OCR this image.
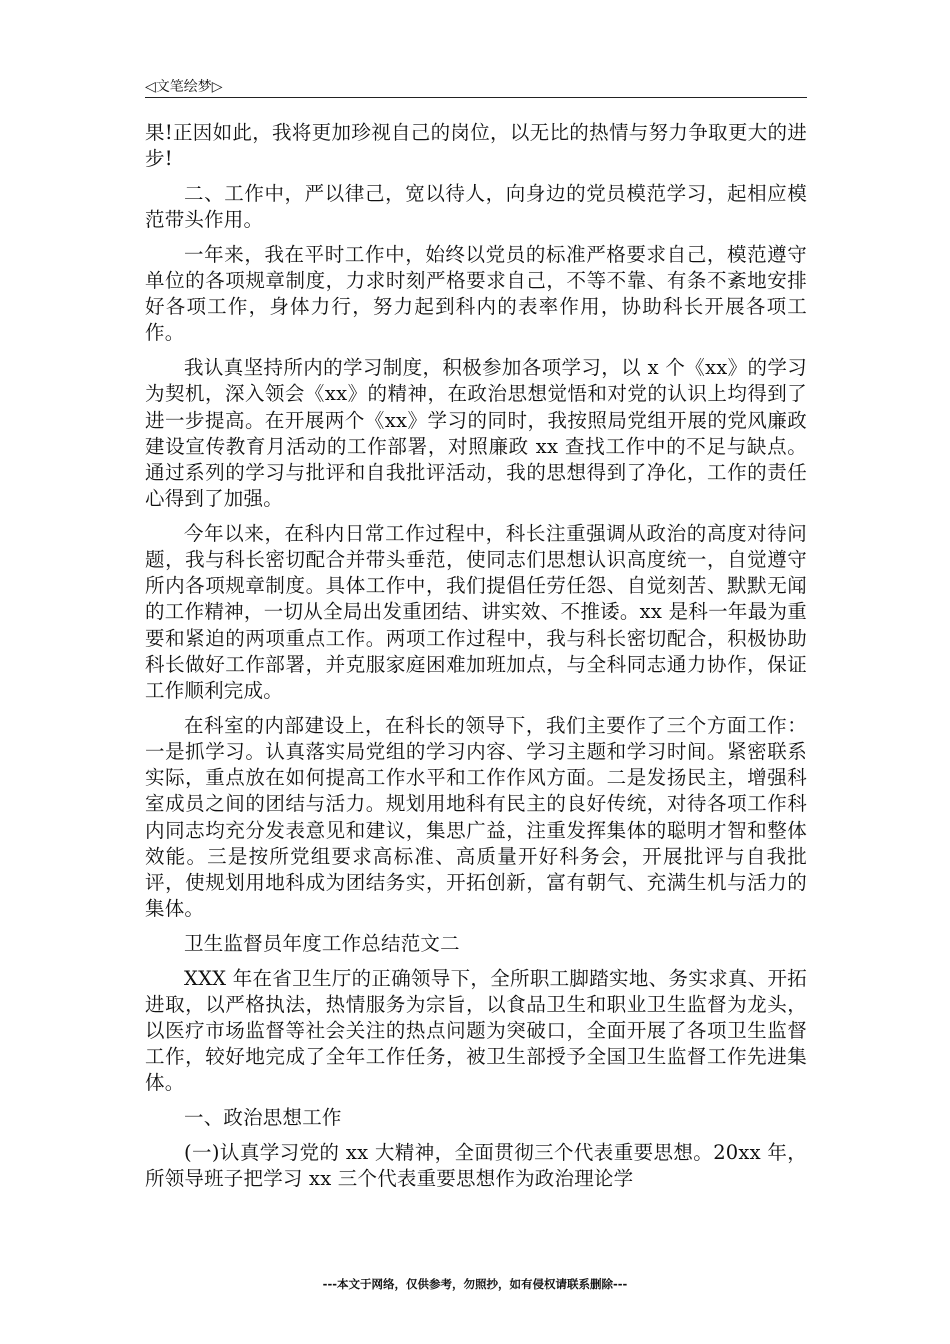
◁文笔绘梦▷

果!正因如此，我将更加珍视自己的岗位，以无比的热情与努力争取更大的进步!

二、工作中，严以律己，宽以待人，向身边的党员模范学习，起相应模范带头作用。

一年来，我在平时工作中，始终以党员的标准严格要求自己，模范遵守单位的各项规章制度，力求时刻严格要求自己，不等不靠、有条不紊地安排好各项工作，身体力行，努力起到科内的表率作用，协助科长开展各项工作。

我认真坚持所内的学习制度，积极参加各项学习，以 x 个《xx》的学习为契机，深入领会《xx》的精神，在政治思想觉悟和对党的认识上均得到了进一步提高。在开展两个《xx》学习的同时，我按照局党组开展的党风廉政建设宣传教育月活动的工作部署，对照廉政 xx 查找工作中的不足与缺点。通过系列的学习与批评和自我批评活动，我的思想得到了净化，工作的责任心得到了加强。

今年以来，在科内日常工作过程中，科长注重强调从政治的高度对待问题，我与科长密切配合并带头垂范，使同志们思想认识高度统一，自觉遵守所内各项规章制度。具体工作中，我们提倡任劳任怨、自觉刻苦、默默无闻的工作精神，一切从全局出发重团结、讲实效、不推诿。xx 是科一年最为重要和紧迫的两项重点工作。两项工作过程中，我与科长密切配合，积极协助科长做好工作部署，并克服家庭困难加班加点，与全科同志通力协作，保证工作顺利完成。

在科室的内部建设上，在科长的领导下，我们主要作了三个方面工作：一是抓学习。认真落实局党组的学习内容、学习主题和学习时间。紧密联系实际，重点放在如何提高工作水平和工作作风方面。二是发扬民主，增强科室成员之间的团结与活力。规划用地科有民主的良好传统，对待各项工作科内同志均充分发表意见和建议，集思广益，注重发挥集体的聪明才智和整体效能。三是按所党组要求高标准、高质量开好科务会，开展批评与自我批评，使规划用地科成为团结务实，开拓创新，富有朝气、充满生机与活力的集体。

卫生监督员年度工作总结范文二

XXX 年在省卫生厅的正确领导下，全所职工脚踏实地、务实求真、开拓进取，以严格执法，热情服务为宗旨，以食品卫生和职业卫生监督为龙头，以医疗市场监督等社会关注的热点问题为突破口，全面开展了各项卫生监督工作，较好地完成了全年工作任务，被卫生部授予全国卫生监督工作先进集体。

一、政治思想工作

(一)认真学习党的 xx 大精神，全面贯彻三个代表重要思想。20xx 年，所领导班子把学习 xx 三个代表重要思想作为政治理论学

---本文于网络，仅供参考，勿照抄，如有侵权请联系删除---
